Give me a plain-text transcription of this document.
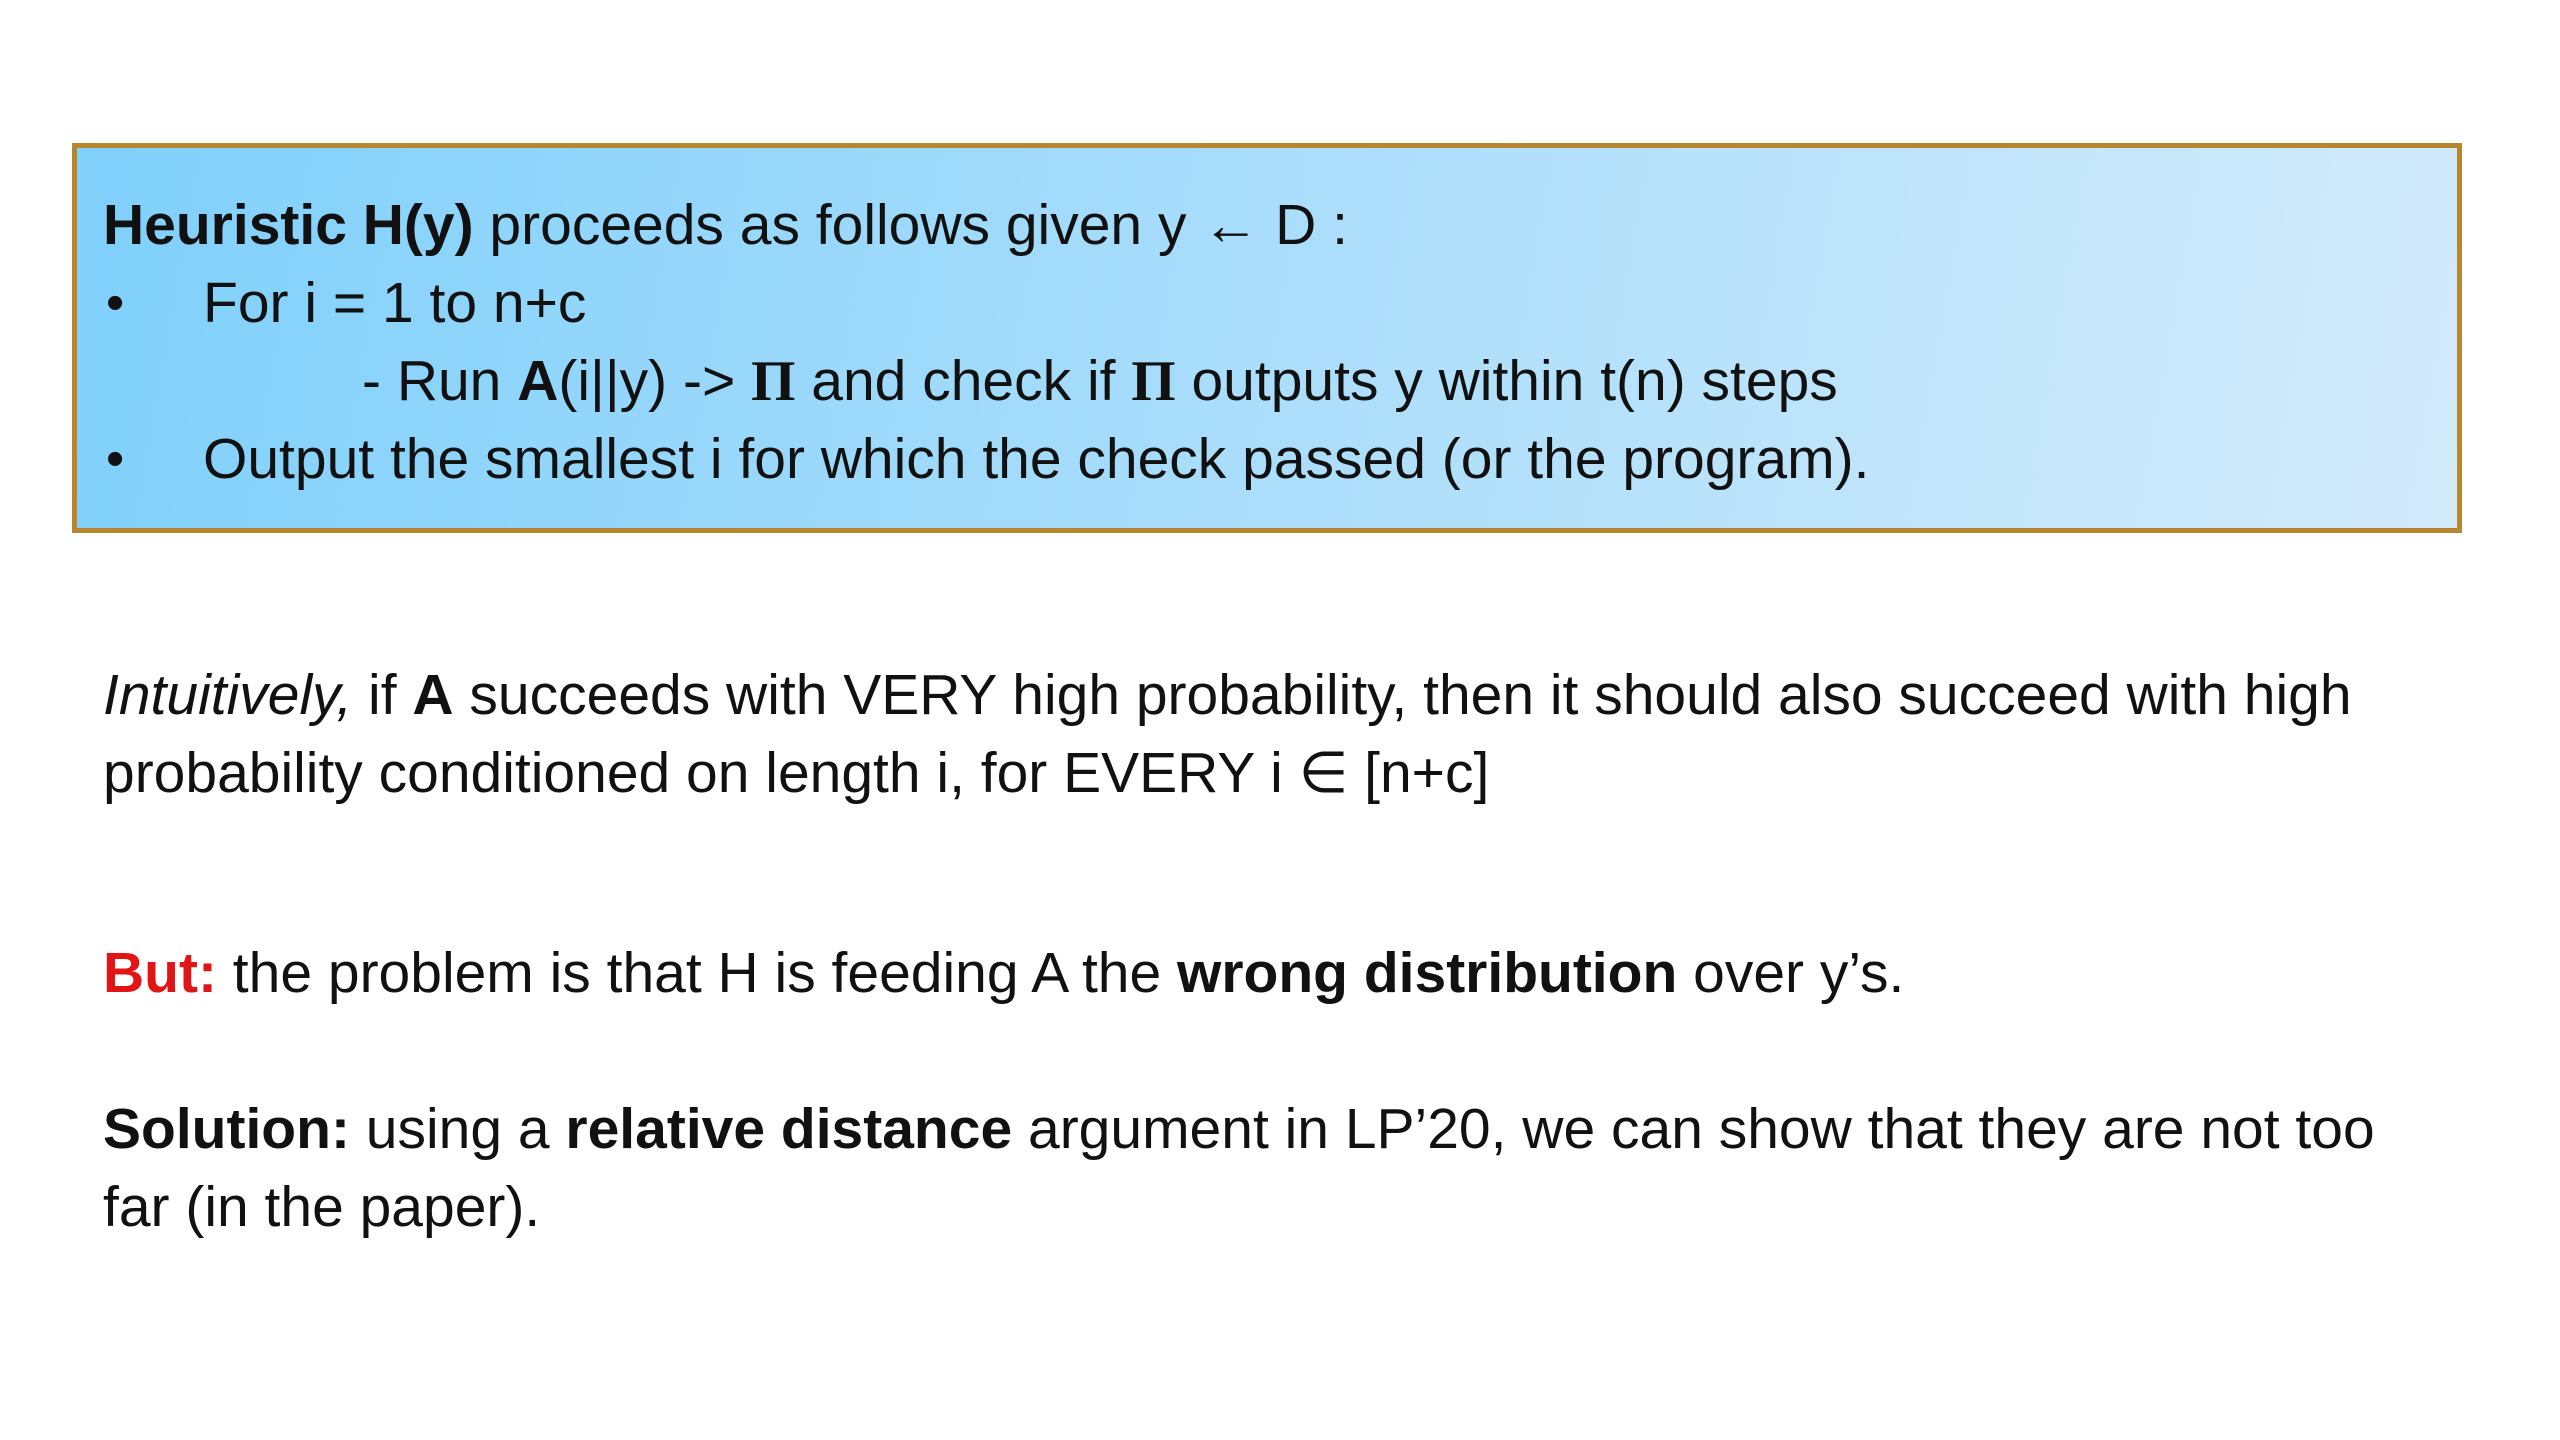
Heuristic H(y) proceeds as follows given y ← D :
• For i = 1 to n+c
- Run A(i||y) -> Π and check if Π outputs y within t(n) steps
• Output the smallest i for which the check passed (or the program).
Intuitively, if A succeeds with VERY high probability, then it should also succeed with high
probability conditioned on length i, for EVERY i ∈ [n+c]
But: the problem is that H is feeding A the wrong distribution over y’s.
Solution: using a relative distance argument in LP’20, we can show that they are not too
far (in the paper).
